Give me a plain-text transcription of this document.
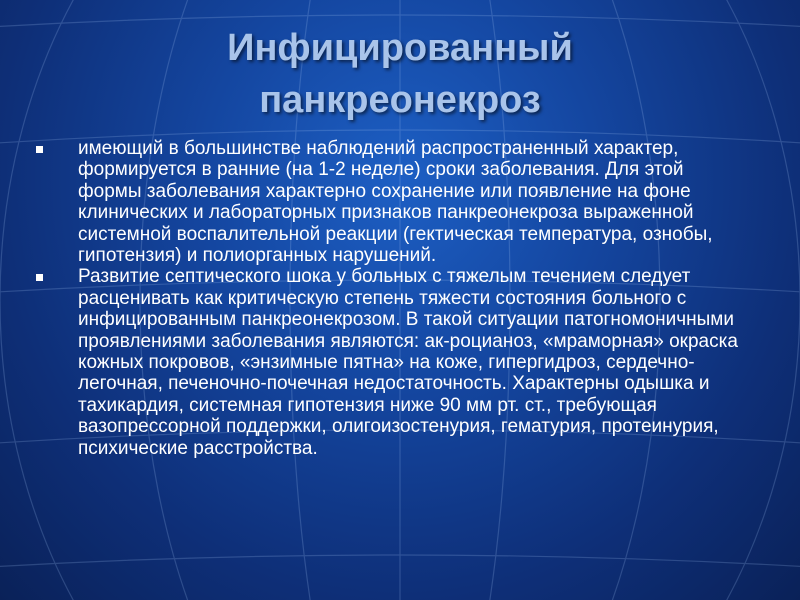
Инфицированный
панкреонекроз
имеющий в большинстве наблюдений распространенный характер, формируется в ранние (на 1-2 неделе) сроки заболевания. Для этой формы заболевания характерно сохранение или появление на фоне клинических и лабораторных признаков панкреонекроза выраженной системной воспалительной реакции (гектическая температура, ознобы, гипотензия) и полиорганных нарушений.
Развитие септического шока у больных с тяжелым течением следует расценивать как критическую степень тяжести состояния больного с инфицированным панкреонекрозом. В такой ситуации патогномоничными проявлениями заболевания являются: ак-роцианоз, «мраморная» окраска кожных покровов, «энзимные пятна» на коже, гипергидроз, сердечно-легочная, печеночно-почечная недостаточность. Характерны одышка и тахикардия, системная гипотензия ниже 90 мм рт. ст., требующая вазопрессорной поддержки, олигоизостенурия, гематурия, протеинурия, психические расстройства.
